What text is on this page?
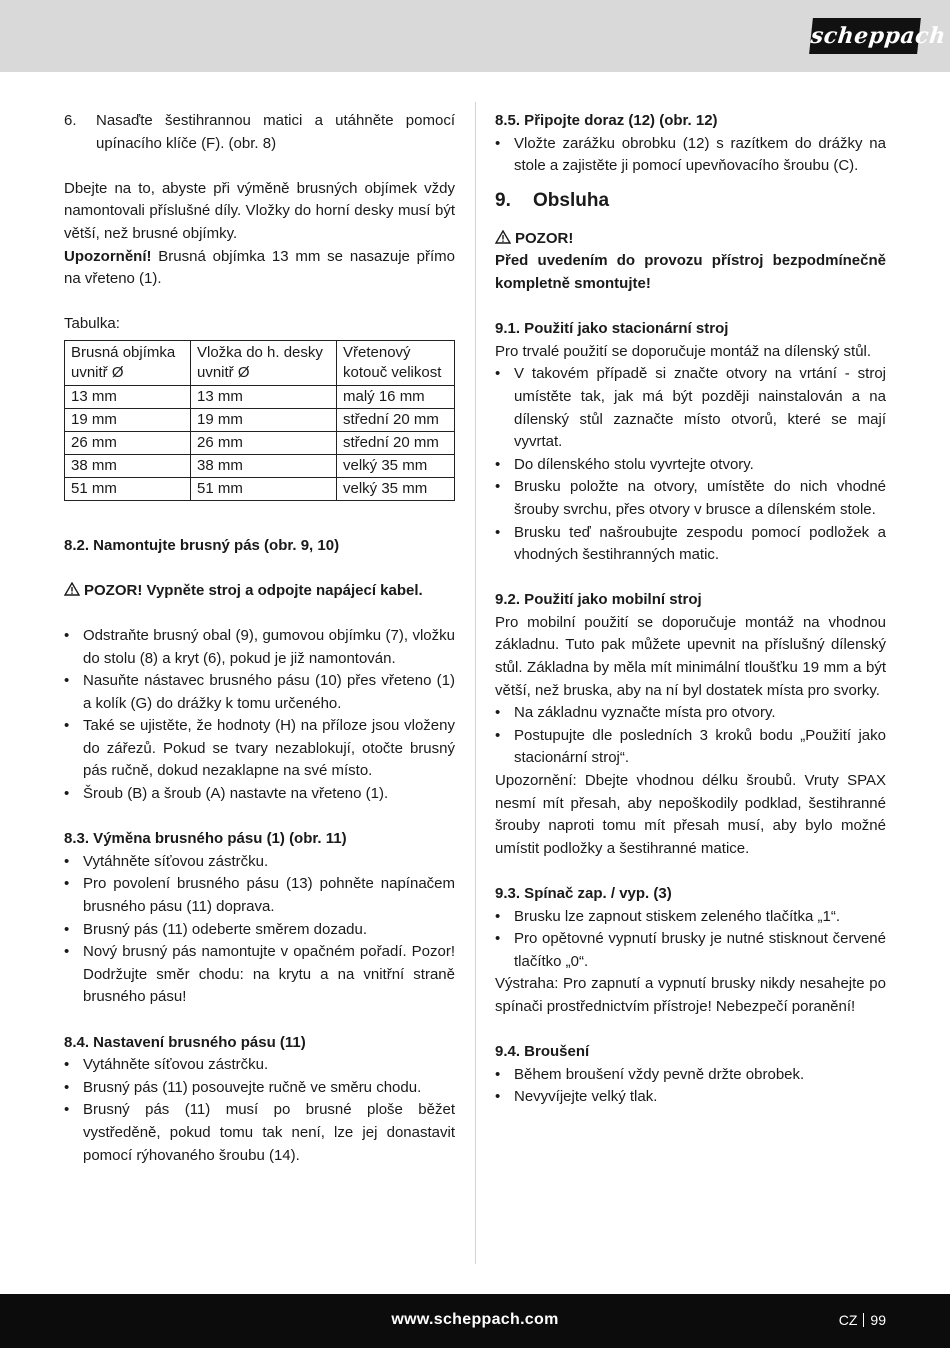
scheppach
6.	Nasaďte šestihrannou matici a utáhněte pomocí upínacího klíče (F). (obr. 8)

Dbejte na to, abyste při výměně brusných objímek vždy namontovali příslušné díly. Vložky do horní desky musí být větší, než brusné objímky.

Upozornění! Brusná objímka 13 mm se nasazuje přímo na vřeteno (1).

Tabulka:

Brusná objímka uvnitř Ø	Vložka do h. desky uvnitř Ø	Vřetenový kotouč velikost
13 mm	13 mm	malý 16 mm
19 mm	19 mm	střední 20 mm
26 mm	26 mm	střední 20 mm
38 mm	38 mm	velký 35 mm
51 mm	51 mm	velký 35 mm

8.2. Namontujte brusný pás (obr. 9, 10)

POZOR! Vypněte stroj a odpojte napájecí kabel.

• Odstraňte brusný obal (9), gumovou objímku (7), vložku do stolu (8) a kryt (6), pokud je již namontován.
• Nasuňte nástavec brusného pásu (10) přes vřeteno (1) a kolík (G) do drážky k tomu určeného.
• Také se ujistěte, že hodnoty (H) na příloze jsou vloženy do zářezů. Pokud se tvary nezablokují, otočte brusný pás ručně, dokud nezaklapne na své místo.
• Šroub (B) a šroub (A) nastavte na vřeteno (1).

8.3. Výměna brusného pásu (1) (obr. 11)

• Vytáhněte síťovou zástrčku.
• Pro povolení brusného pásu (13) pohněte napínačem brusného pásu (11) doprava.
• Brusný pás (11) odeberte směrem dozadu.
• Nový brusný pás namontujte v opačném pořadí. Pozor! Dodržujte směr chodu: na krytu a na vnitřní straně brusného pásu!

8.4. Nastavení brusného pásu (11)

• Vytáhněte síťovou zástrčku.
• Brusný pás (11) posouvejte ručně ve směru chodu.
• Brusný pás (11) musí po brusné ploše běžet vystředěně, pokud tomu tak není, lze jej donastavit pomocí rýhovaného šroubu (14).

8.5. Připojte doraz (12) (obr. 12)

• Vložte zarážku obrobku (12) s razítkem do drážky na stole a zajistěte ji pomocí upevňovacího šroubu (C).
9. Obsluha

POZOR!

Před uvedením do provozu přístroj bezpodmínečně kompletně smontujte!

9.1. Použití jako stacionární stroj

Pro trvalé použití se doporučuje montáž na dílenský stůl.

• V takovém případě si značte otvory na vrtání - stroj umístěte tak, jak má být později nainstalován a na dílenský stůl zaznačte místo otvorů, které se mají vyvrtat.
• Do dílenského stolu vyvrtejte otvory.
• Brusku položte na otvory, umístěte do nich vhodné šrouby svrchu, přes otvory v brusce a dílenském stole.
• Brusku teď našroubujte zespodu pomocí podložek a vhodných šestihranných matic.

9.2. Použití jako mobilní stroj

Pro mobilní použití se doporučuje montáž na vhodnou základnu. Tuto pak můžete upevnit na příslušný dílenský stůl. Základna by měla mít minimální tloušťku 19 mm a být větší, než bruska, aby na ní byl dostatek místa pro svorky.

• Na základnu vyznačte místa pro otvory.
• Postupujte dle posledních 3 kroků bodu „Použití jako stacionární stroj“.

Upozornění: Dbejte vhodnou délku šroubů. Vruty SPAX nesmí mít přesah, aby nepoškodily podklad, šestihranné šrouby naproti tomu mít přesah musí, aby bylo možné umístit podložky a šestihranné matice.

9.3. Spínač zap. / vyp. (3)

• Brusku lze zapnout stiskem zeleného tlačítka „1“.
• Pro opětovné vypnutí brusky je nutné stisknout červené tlačítko „0“.

Výstraha: Pro zapnutí a vypnutí brusky nikdy nesahejte po spínači prostřednictvím přístroje! Nebezpečí poranění!

9.4. Broušení

• Během broušení vždy pevně držte obrobek.
• Nevyvíjejte velký tlak.
www.scheppach.com	CZ 99
